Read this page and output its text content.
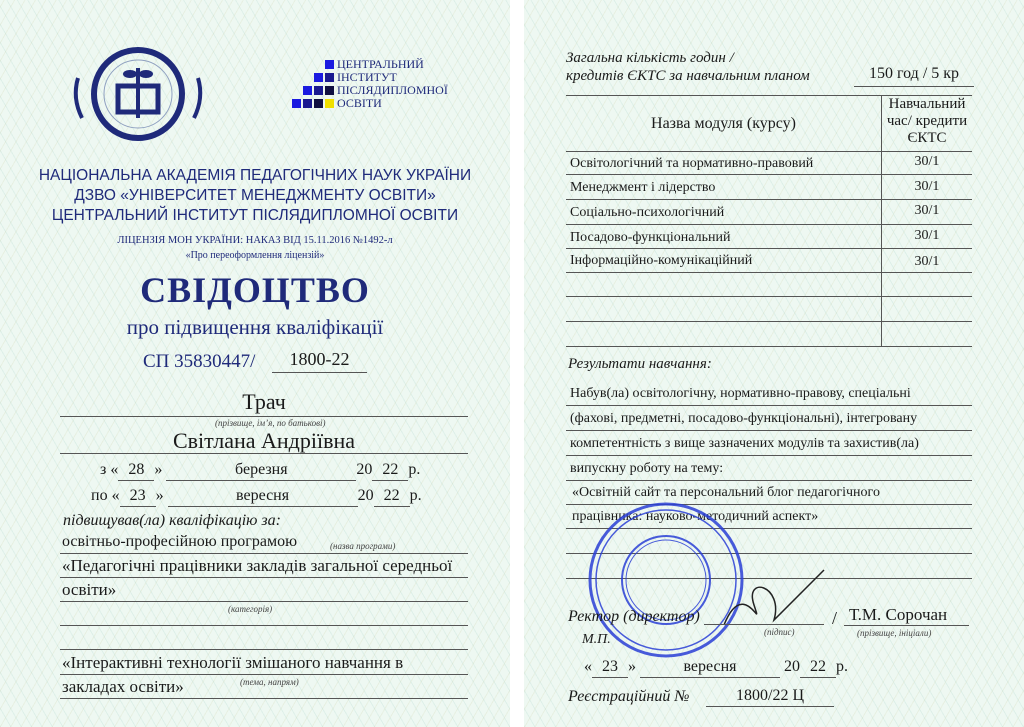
ЦЕНТРАЛЬНИЙ
ІНСТИТУТ
ПІСЛЯДИПЛОМНОЇ
ОСВІТИ
НАЦІОНАЛЬНА АКАДЕМІЯ ПЕДАГОГІЧНИХ НАУК УКРАЇНИ
ДЗВО «УНІВЕРСИТЕТ МЕНЕДЖМЕНТУ ОСВІТИ»
ЦЕНТРАЛЬНИЙ ІНСТИТУТ ПІСЛЯДИПЛОМНОЇ ОСВІТИ
ЛІЦЕНЗІЯ МОН УКРАЇНИ: НАКАЗ ВІД 15.11.2016 №1492-л
«Про переоформлення ліцензій»
СВІДОЦТВО
про підвищення кваліфікації
СП 35830447/	1800-22
Трач
(прізвище, ім’я, по батькові)
Світлана Андріївна
з « 28 »	березня	20 22 р.
по « 23 »	вересня	20 22 р.
підвищував(ла) кваліфікацію за:
освітньо-професійною програмою	(назва програми)
«Педагогічні працівники закладів загальної середньої
освіти»
(категорія)
«Інтерактивні технології змішаного навчання в
(тема, напрям)
закладах освіти»
Загальна кількість годин /
кредитів ЄКТС за навчальним планом	150 год / 5 кр
Назва модуля (курсу)
Навчальний
час/ кредити
ЄКТС
Освітологічний та нормативно-правовий	30/1
Менеджмент і лідерство	30/1
Соціально-психологічний	30/1
Посадово-функціональний	30/1
Інформаційно-комунікаційний	30/1
Результати навчання:
Набув(ла) освітологічну, нормативно-правову, спеціальні
(фахові, предметні, посадово-функціональні), інтегровану
компетентність з вище зазначених модулів та захистив(ла)
випускну роботу на тему:
«Освітній сайт та персональний блог педагогічного
працівника: науково-методичний аспект»
Ректор (директор)
(підпис)
/ Т.М. Сорочан
(прізвище, ініціали)
М.П.
« 23 »	вересня	20 22 р.
Реєстраційний №	1800/22 Ц
